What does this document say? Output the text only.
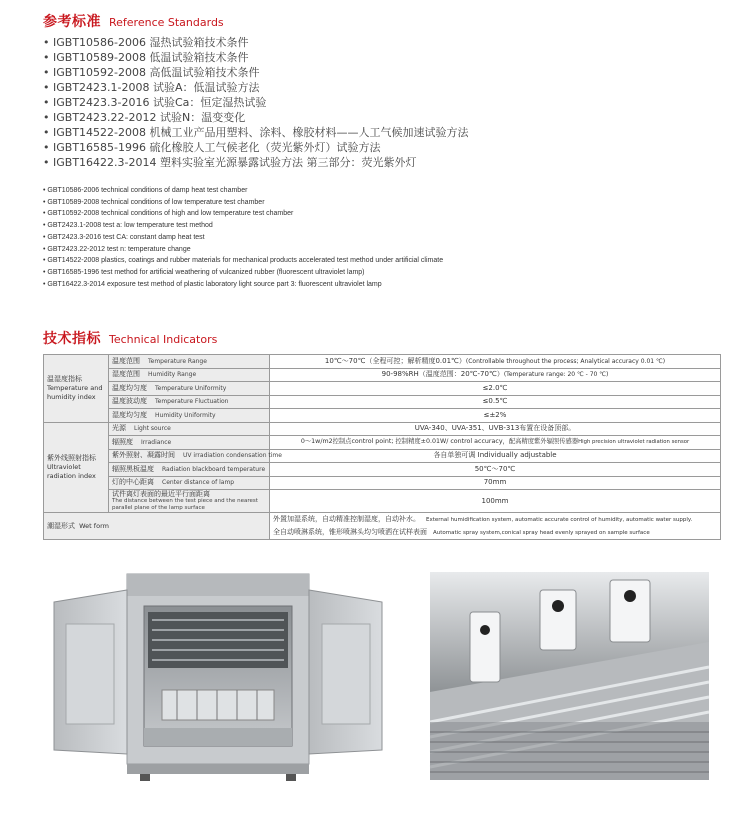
参考标准 Reference Standards
• IGBT10586-2006 湿热试验箱技术条件
• IGBT10589-2008 低温试验箱技术条件
• IGBT10592-2008 高低温试验箱技术条件
• IGBT2423.1-2008 试验A：低温试验方法
• IGBT2423.3-2016 试验Ca：恒定湿热试验
• IGBT2423.22-2012 试验N：温变变化
• IGBT14522-2008 机械工业产品用塑料、涂料、橡胶材料——人工气候加速试验方法
• IGBT16585-1996 硫化橡胶人工气候老化（荧光紫外灯）试验方法
• IGBT16422.3-2014 塑料实验室光源暴露试验方法 第三部分：荧光紫外灯
• GBT10586-2006 technical conditions of damp heat test chamber
• GBT10589-2008 technical conditions of low temperature test chamber
• GBT10592-2008 technical conditions of high and low temperature test chamber
• GBT2423.1-2008 test a: low temperature test method
• GBT2423.3-2016 test CA: constant damp heat test
• GBT2423.22-2012 test n: temperature change
• GBT14522-2008 plastics, coatings and rubber materials for mechanical products accelerated test method under artificial climate
• GBT16585-1996 test method for artificial weathering of vulcanized rubber (fluorescent ultraviolet lamp)
• GBT16422.3-2014 exposure test method of plastic laboratory light source part 3: fluorescent ultraviolet lamp
技术指标 Technical Indicators
温湿度指标
Temperature and humidity index	温度范围 Temperature Range	10℃～70℃（全程可控；解析精度0.01℃）(Controllable throughout the process; Analytical accuracy 0.01 ℃)
	湿度范围 Humidity Range	90-98%RH（温度范围：20℃-70℃）(Temperature range: 20 ℃ - 70 ℃)
	温度均匀度 Temperature Uniformity	≤2.0℃
	温度波动度 Temperature Fluctuation	≤0.5℃
	湿度均匀度 Humidity Uniformity	≤±2%

紫外线照射指标
Ultraviolet radiation index	光源 Light source	UVA-340、UVA-351、UVB-313布置在设备顶部。
	辐照度 Irradiance	0～1w/m2控制点control point; 控制精度±0.01W/ control accuracy，配高精度紫外辐照传感器High precision ultraviolet radiation sensor
	紫外照射、凝露时间 UV irradiation condensation time	各自单独可调 Individually adjustable
	辐照黑板温度 Radiation blackboard temperature	50℃～70℃
	灯的中心距离 Center distance of lamp	70mm

	试件离灯表面的最近平行面距离
The distance between the test piece and the nearest parallel plane of the lamp surface	100mm
潮湿形式 Wet form		外置加湿系统，自动精准控制湿度，自动补水。 External humidification system, automatic accurate control of humidity, automatic water supply.
全自动喷淋系统，锥形喷淋头均匀喷洒在试样表面 Automatic spray system,conical spray head evenly sprayed on sample surface
